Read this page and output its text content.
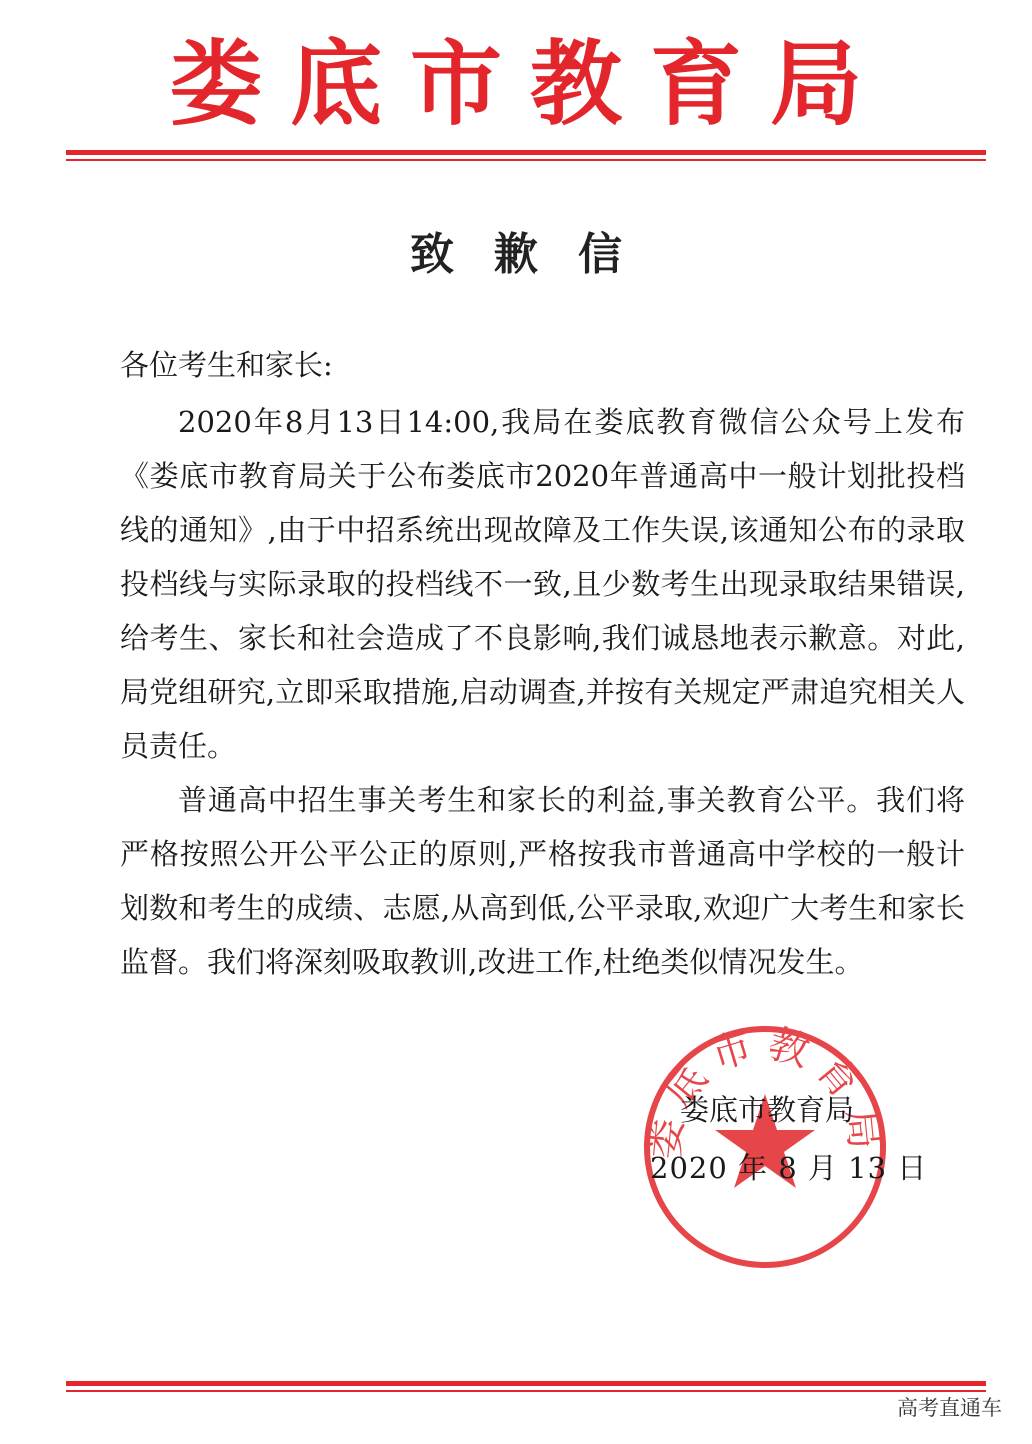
娄底市教育局
致歉信
各位考生和家长:

2020年8月13日14:00,我局在娄底教育微信公众号上发布《娄底市教育局关于公布娄底市2020年普通高中一般计划批投档线的通知》,由于中招系统出现故障及工作失误,该通知公布的录取投档线与实际录取的投档线不一致,且少数考生出现录取结果错误,给考生、家长和社会造成了不良影响,我们诚恳地表示歉意。对此,局党组研究,立即采取措施,启动调查,并按有关规定严肃追究相关人员责任。

普通高中招生事关考生和家长的利益,事关教育公平。我们将严格按照公开公平公正的原则,严格按我市普通高中学校的一般计划数和考生的成绩、志愿,从高到低,公平录取,欢迎广大考生和家长监督。我们将深刻吸取教训,改进工作,杜绝类似情况发生。

娄底市教育局
娄底市教育局
2020 年 8 月 13 日
高考直通车
